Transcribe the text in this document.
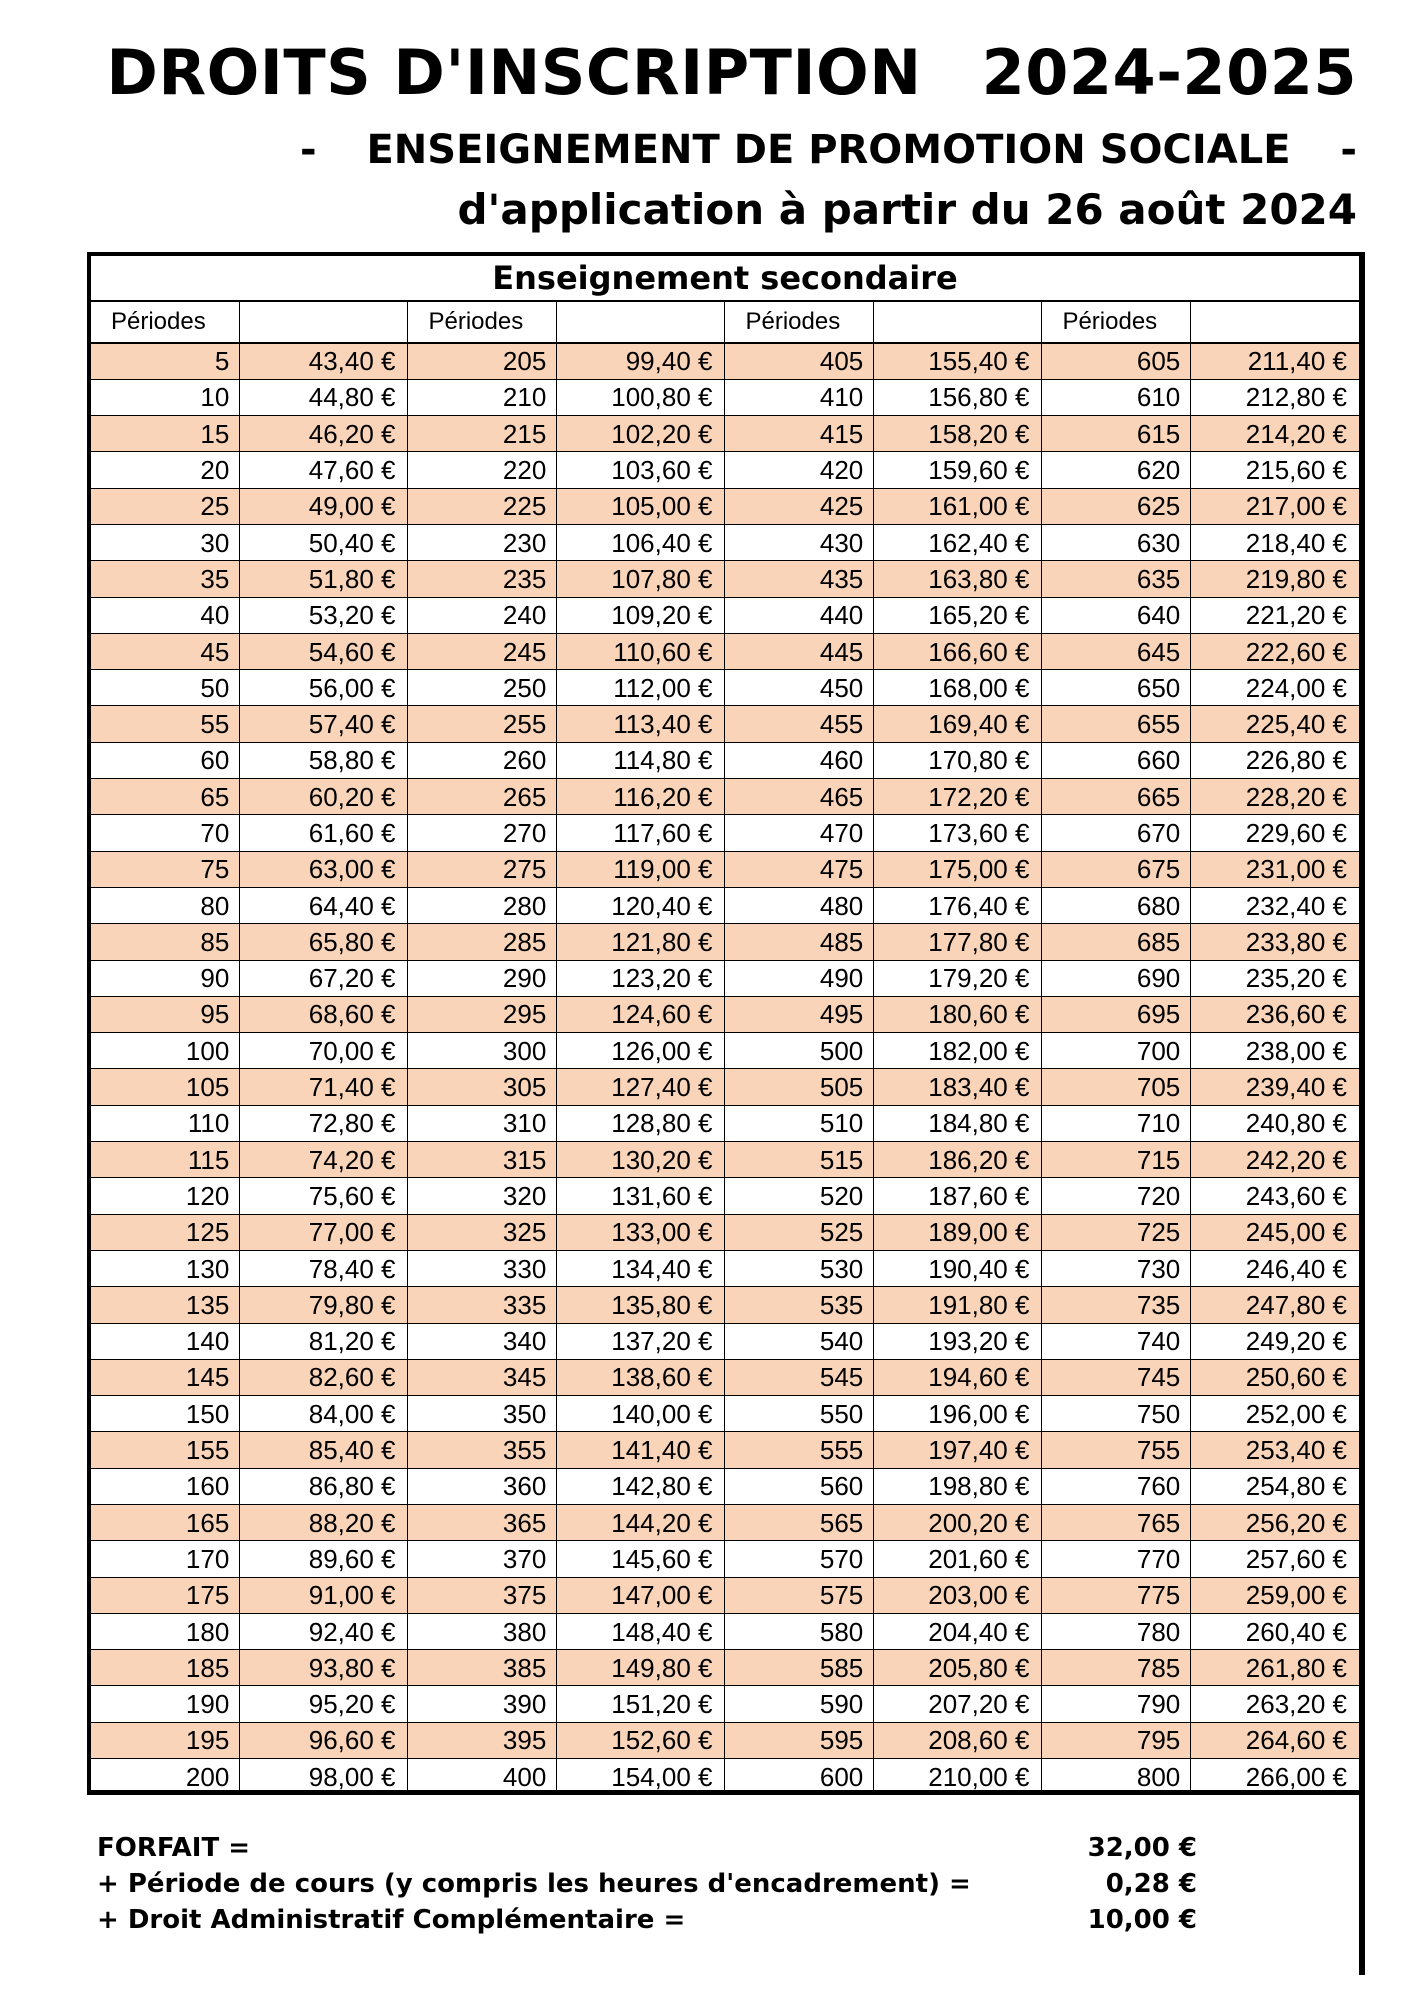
DROITS D'INSCRIPTION 2024-2025
- ENSEIGNEMENT DE PROMOTION SOCIALE -
d'application à partir du 26 août 2024
Enseignement secondaire
Périodes		Périodes		Périodes		Périodes	
5	43,40 €	205	99,40 €	405	155,40 €	605	211,40 €
10	44,80 €	210	100,80 €	410	156,80 €	610	212,80 €
15	46,20 €	215	102,20 €	415	158,20 €	615	214,20 €
20	47,60 €	220	103,60 €	420	159,60 €	620	215,60 €
25	49,00 €	225	105,00 €	425	161,00 €	625	217,00 €
30	50,40 €	230	106,40 €	430	162,40 €	630	218,40 €
35	51,80 €	235	107,80 €	435	163,80 €	635	219,80 €
40	53,20 €	240	109,20 €	440	165,20 €	640	221,20 €
45	54,60 €	245	110,60 €	445	166,60 €	645	222,60 €
50	56,00 €	250	112,00 €	450	168,00 €	650	224,00 €
55	57,40 €	255	113,40 €	455	169,40 €	655	225,40 €
60	58,80 €	260	114,80 €	460	170,80 €	660	226,80 €
65	60,20 €	265	116,20 €	465	172,20 €	665	228,20 €
70	61,60 €	270	117,60 €	470	173,60 €	670	229,60 €
75	63,00 €	275	119,00 €	475	175,00 €	675	231,00 €
80	64,40 €	280	120,40 €	480	176,40 €	680	232,40 €
85	65,80 €	285	121,80 €	485	177,80 €	685	233,80 €
90	67,20 €	290	123,20 €	490	179,20 €	690	235,20 €
95	68,60 €	295	124,60 €	495	180,60 €	695	236,60 €
100	70,00 €	300	126,00 €	500	182,00 €	700	238,00 €
105	71,40 €	305	127,40 €	505	183,40 €	705	239,40 €
110	72,80 €	310	128,80 €	510	184,80 €	710	240,80 €
115	74,20 €	315	130,20 €	515	186,20 €	715	242,20 €
120	75,60 €	320	131,60 €	520	187,60 €	720	243,60 €
125	77,00 €	325	133,00 €	525	189,00 €	725	245,00 €
130	78,40 €	330	134,40 €	530	190,40 €	730	246,40 €
135	79,80 €	335	135,80 €	535	191,80 €	735	247,80 €
140	81,20 €	340	137,20 €	540	193,20 €	740	249,20 €
145	82,60 €	345	138,60 €	545	194,60 €	745	250,60 €
150	84,00 €	350	140,00 €	550	196,00 €	750	252,00 €
155	85,40 €	355	141,40 €	555	197,40 €	755	253,40 €
160	86,80 €	360	142,80 €	560	198,80 €	760	254,80 €
165	88,20 €	365	144,20 €	565	200,20 €	765	256,20 €
170	89,60 €	370	145,60 €	570	201,60 €	770	257,60 €
175	91,00 €	375	147,00 €	575	203,00 €	775	259,00 €
180	92,40 €	380	148,40 €	580	204,40 €	780	260,40 €
185	93,80 €	385	149,80 €	585	205,80 €	785	261,80 €
190	95,20 €	390	151,20 €	590	207,20 €	790	263,20 €
195	96,60 €	395	152,60 €	595	208,60 €	795	264,60 €
200	98,00 €	400	154,00 €	600	210,00 €	800	266,00 €
FORFAIT =	32,00 €
+ Période de cours (y compris les heures d'encadrement) =	0,28 €
+ Droit Administratif Complémentaire =	10,00 €
